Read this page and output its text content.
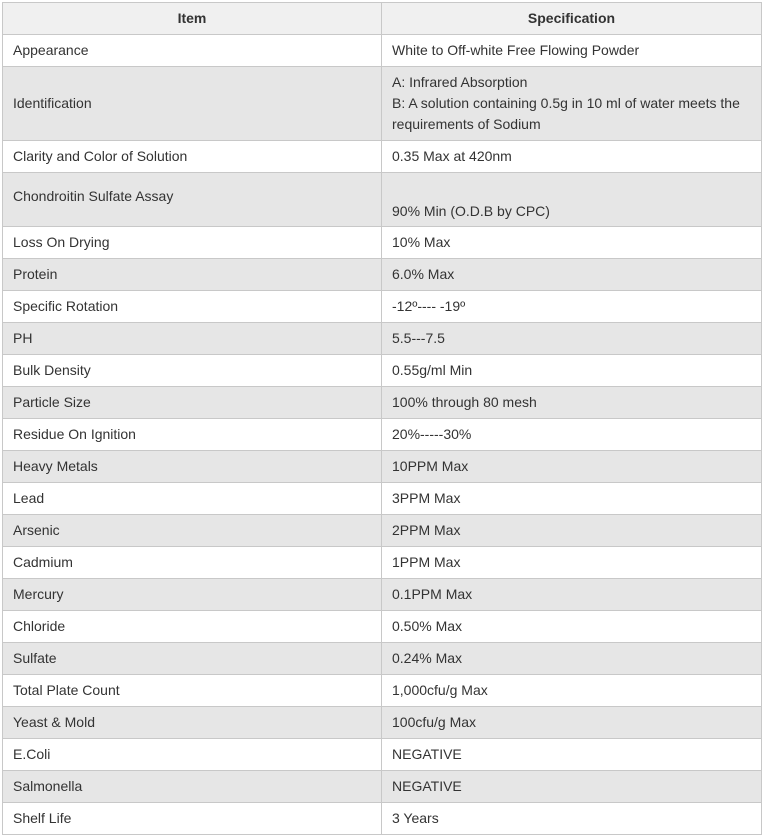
Item	Specification
Appearance	White to Off-white Free Flowing Powder

Identification	A: Infrared Absorption
B: A solution containing 0.5g in 10 ml of water meets the requirements of Sodium

Clarity and Color of Solution	0.35 Max at 420nm

Chondroitin Sulfate Assay	90% Min (O.D.B by CPC)

Loss On Drying	10% Max

Protein	6.0% Max

Specific Rotation	-12º---- -19º

PH	5.5---7.5

Bulk Density	0.55g/ml Min

Particle Size	100% through 80 mesh

Residue On Ignition	20%-----30%

Heavy Metals	10PPM Max

Lead	3PPM Max

Arsenic	2PPM Max

Cadmium	1PPM Max

Mercury	0.1PPM Max

Chloride	0.50% Max

Sulfate	0.24% Max

Total Plate Count	1,000cfu/g Max

Yeast & Mold	100cfu/g Max

E.Coli	NEGATIVE

Salmonella	NEGATIVE

Shelf Life	3 Years
